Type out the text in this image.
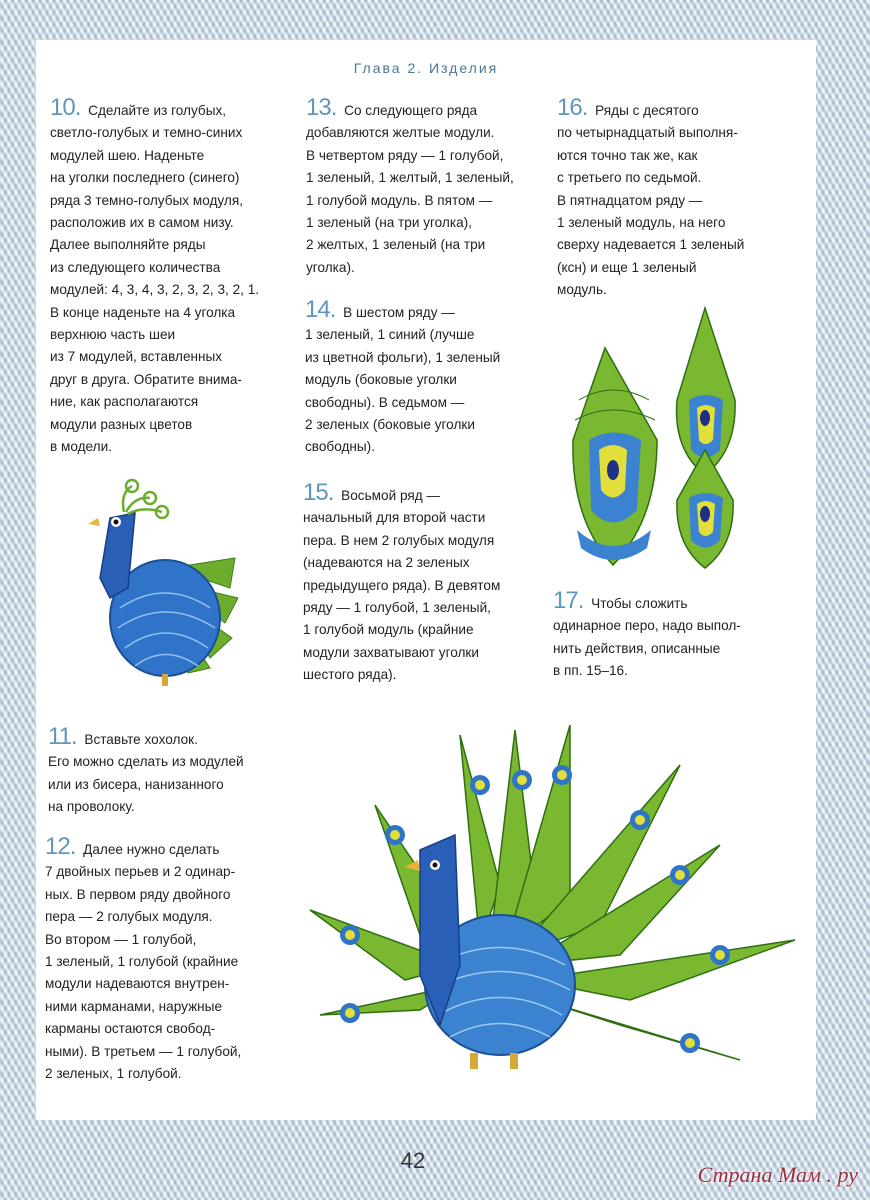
Глава 2. Изделия
10. Сделайте из голубых,
светло-голубых и темно-синих
модулей шею. Наденьте
на уголки последнего (синего)
ряда 3 темно-голубых модуля,
расположив их в самом низу.
Далее выполняйте ряды
из следующего количества
модулей: 4, 3, 4, 3, 2, 3, 2, 3, 2, 1.
В конце наденьте на 4 уголка
верхнюю часть шеи
из 7 модулей, вставленных
друг в друга. Обратите внима-
ние, как располагаются
модули разных цветов
в модели.
11. Вставьте хохолок.
Его можно сделать из модулей
или из бисера, нанизанного
на проволоку.
12. Далее нужно сделать
7 двойных перьев и 2 одинар-
ных. В первом ряду двойного
пера — 2 голубых модуля.
Во втором — 1 голубой,
1 зеленый, 1 голубой (крайние
модули надеваются внутрен-
ними карманами, наружные
карманы остаются свобод-
ными). В третьем — 1 голубой,
2 зеленых, 1 голубой.
13. Со следующего ряда
добавляются желтые модули.
В четвертом ряду — 1 голубой,
1 зеленый, 1 желтый, 1 зеленый,
1 голубой модуль. В пятом —
1 зеленый (на три уголка),
2 желтых, 1 зеленый (на три
уголка).
14. В шестом ряду —
1 зеленый, 1 синий (лучше
из цветной фольги), 1 зеленый
модуль (боковые уголки
свободны). В седьмом —
2 зеленых (боковые уголки
свободны).
15. Восьмой ряд —
начальный для второй части
пера. В нем 2 голубых модуля
(надеваются на 2 зеленых
предыдущего ряда). В девятом
ряду — 1 голубой, 1 зеленый,
1 голубой модуль (крайние
модули захватывают уголки
шестого ряда).
16. Ряды с десятого
по четырнадцатый выполня-
ются точно так же, как
с третьего по седьмой.
В пятнадцатом ряду —
1 зеленый модуль, на него
сверху надевается 1 зеленый
(ксн) и еще 1 зеленый
модуль.
17. Чтобы сложить
одинарное перо, надо выпол-
нить действия, описанные
в пп. 15–16.
42
Страна Мам . ру
